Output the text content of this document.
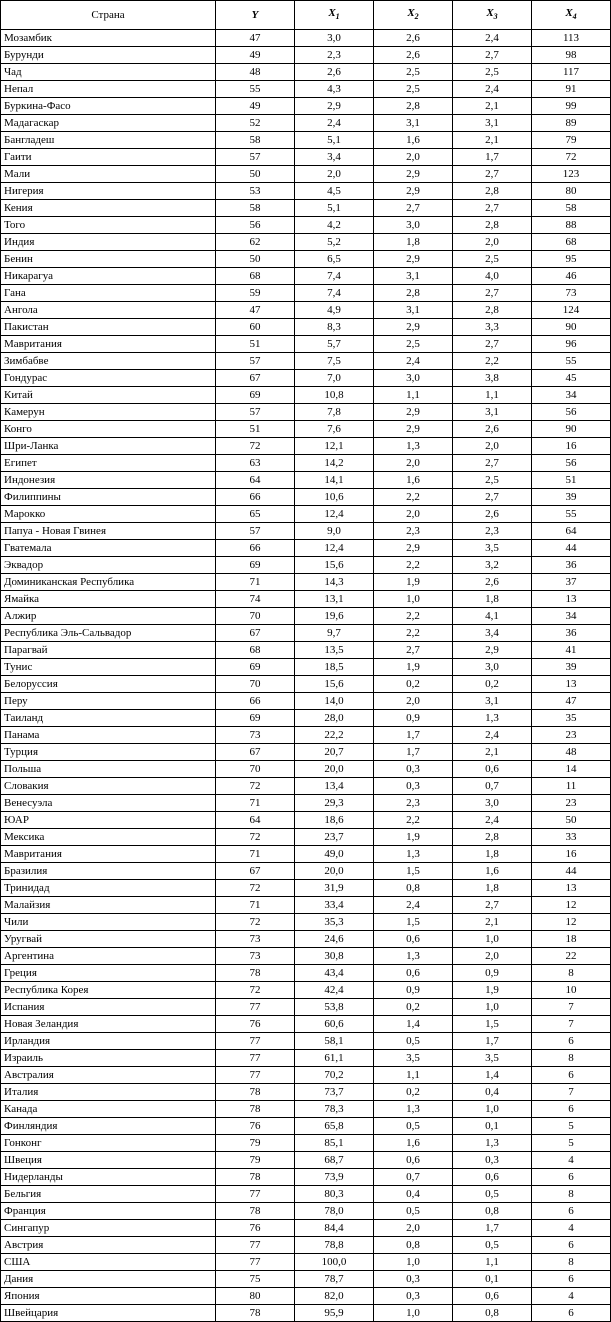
Страна	Y	$X_1$	$X_2$	$X_3$	$X_4$
Мозамбик	47	3,0	2,6	2,4	113
Бурунди	49	2,3	2,6	2,7	98
Чад	48	2,6	2,5	2,5	117
Непал	55	4,3	2,5	2,4	91
Буркина-Фасо	49	2,9	2,8	2,1	99
Мадагаскар	52	2,4	3,1	3,1	89
Бангладеш	58	5,1	1,6	2,1	79
Гаити	57	3,4	2,0	1,7	72
Мали	50	2,0	2,9	2,7	123
Нигерия	53	4,5	2,9	2,8	80
Кения	58	5,1	2,7	2,7	58
Того	56	4,2	3,0	2,8	88
Индия	62	5,2	1,8	2,0	68
Бенин	50	6,5	2,9	2,5	95
Никарагуа	68	7,4	3,1	4,0	46
Гана	59	7,4	2,8	2,7	73
Ангола	47	4,9	3,1	2,8	124
Пакистан	60	8,3	2,9	3,3	90
Мавритания	51	5,7	2,5	2,7	96
Зимбабве	57	7,5	2,4	2,2	55
Гондурас	67	7,0	3,0	3,8	45
Китай	69	10,8	1,1	1,1	34
Камерун	57	7,8	2,9	3,1	56
Конго	51	7,6	2,9	2,6	90
Шри-Ланка	72	12,1	1,3	2,0	16
Египет	63	14,2	2,0	2,7	56
Индонезия	64	14,1	1,6	2,5	51
Филиппины	66	10,6	2,2	2,7	39
Марокко	65	12,4	2,0	2,6	55
Папуа - Новая Гвинея	57	9,0	2,3	2,3	64
Гватемала	66	12,4	2,9	3,5	44
Эквадор	69	15,6	2,2	3,2	36
Доминиканская Республика	71	14,3	1,9	2,6	37
Ямайка	74	13,1	1,0	1,8	13
Алжир	70	19,6	2,2	4,1	34
Республика Эль-Сальвадор	67	9,7	2,2	3,4	36
Парагвай	68	13,5	2,7	2,9	41
Тунис	69	18,5	1,9	3,0	39
Белоруссия	70	15,6	0,2	0,2	13
Перу	66	14,0	2,0	3,1	47
Таиланд	69	28,0	0,9	1,3	35
Панама	73	22,2	1,7	2,4	23
Турция	67	20,7	1,7	2,1	48
Польша	70	20,0	0,3	0,6	14
Словакия	72	13,4	0,3	0,7	11
Венесуэла	71	29,3	2,3	3,0	23
ЮАР	64	18,6	2,2	2,4	50
Мексика	72	23,7	1,9	2,8	33
Мавритания	71	49,0	1,3	1,8	16
Бразилия	67	20,0	1,5	1,6	44
Тринидад	72	31,9	0,8	1,8	13
Малайзия	71	33,4	2,4	2,7	12
Чили	72	35,3	1,5	2,1	12
Уругвай	73	24,6	0,6	1,0	18
Аргентина	73	30,8	1,3	2,0	22
Греция	78	43,4	0,6	0,9	8
Республика Корея	72	42,4	0,9	1,9	10
Испания	77	53,8	0,2	1,0	7
Новая Зеландия	76	60,6	1,4	1,5	7
Ирландия	77	58,1	0,5	1,7	6
Израиль	77	61,1	3,5	3,5	8
Австралия	77	70,2	1,1	1,4	6
Италия	78	73,7	0,2	0,4	7
Канада	78	78,3	1,3	1,0	6
Финляндия	76	65,8	0,5	0,1	5
Гонконг	79	85,1	1,6	1,3	5
Швеция	79	68,7	0,6	0,3	4
Нидерланды	78	73,9	0,7	0,6	6
Бельгия	77	80,3	0,4	0,5	8
Франция	78	78,0	0,5	0,8	6
Сингапур	76	84,4	2,0	1,7	4
Австрия	77	78,8	0,8	0,5	6
США	77	100,0	1,0	1,1	8
Дания	75	78,7	0,3	0,1	6
Япония	80	82,0	0,3	0,6	4
Швейцария	78	95,9	1,0	0,8	6
